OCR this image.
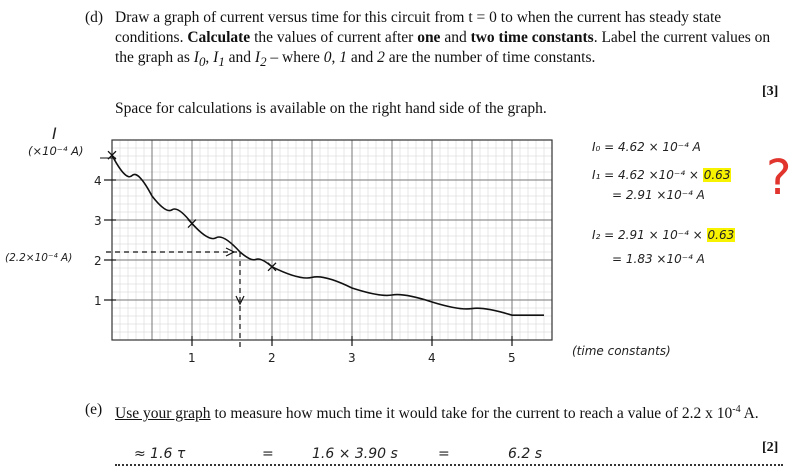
(d) Draw a graph of current versus time for this circuit from t = 0 to when the current has steady state conditions. Calculate the values of current after one and two time constants. Label the current values on the graph as $I_0$, $I_1$ and $I_2$ – where 0, 1 and 2 are the number of time constants.
[3]
Space for calculations is available on the right hand side of the graph.
4
3
2
1
1	2	3	4	5
I
(×10⁻⁴ A)
(2.2×10⁻⁴ A)
(time constants)
I₀ = 4.62 × 10⁻⁴ A
I₁ = 4.62 ×10⁻⁴ × 0.63
= 2.91 ×10⁻⁴ A
I₂ = 2.91 × 10⁻⁴ × 0.63
= 1.83 ×10⁻⁴ A
?
(e) Use your graph to measure how much time it would take for the current to reach a value of 2.2 x $10^{-4}$ A.
≈ 1.6 τ	=	1.6 × 3.90 s	=	6.2 s	[2]
